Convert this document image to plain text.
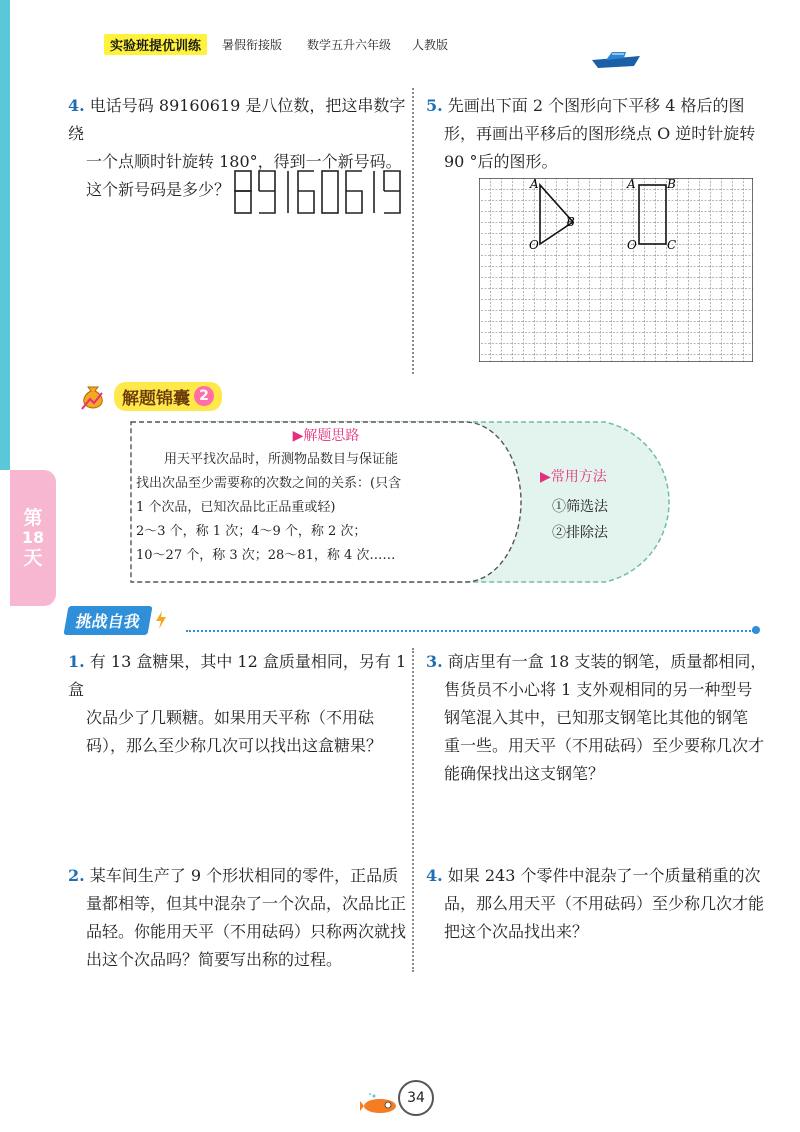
实验班提优训练	暑假衔接版 数学五升六年级 人教版
4. 电话号码 89160619 是八位数，把这串数字绕
一个点顺时针旋转 180°，得到一个新号码。
这个新号码是多少？
5. 先画出下面 2 个图形向下平移 4 格后的图
形，再画出平移后的图形绕点 O 逆时针旋转
90 °后的图形。
A
B
O
A	B
O	C
解题锦囊 2
第
18
天
▶解题思路
用天平找次品时，所测物品数目与保证能
找出次品至少需要称的次数之间的关系：(只含
1 个次品，已知次品比正品重或轻)
2～3 个，称 1 次；4～9 个，称 2 次；
10～27 个，称 3 次；28～81，称 4 次……
▶常用方法
①筛选法
②排除法
挑战自我
1. 有 13 盒糖果，其中 12 盒质量相同，另有 1 盒
次品少了几颗糖。如果用天平称（不用砝
码），那么至少称几次可以找出这盒糖果？
3. 商店里有一盒 18 支装的钢笔，质量都相同，
售货员不小心将 1 支外观相同的另一种型号
钢笔混入其中，已知那支钢笔比其他的钢笔
重一些。用天平（不用砝码）至少要称几次才
能确保找出这支钢笔？
2. 某车间生产了 9 个形状相同的零件，正品质
量都相等，但其中混杂了一个次品，次品比正
品轻。你能用天平（不用砝码）只称两次就找
出这个次品吗？简要写出称的过程。
4. 如果 243 个零件中混杂了一个质量稍重的次
品，那么用天平（不用砝码）至少称几次才能
把这个次品找出来？
34
